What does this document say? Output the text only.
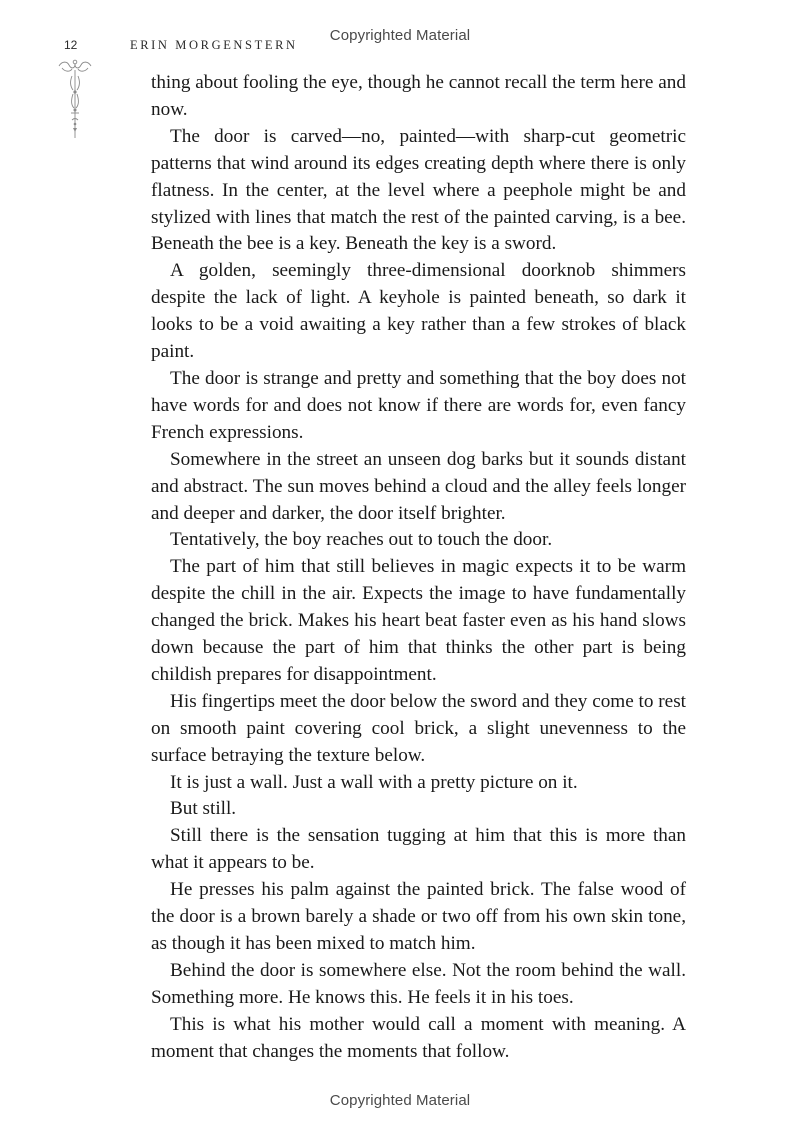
Copyrighted Material
12	ERIN MORGENSTERN

thing about fooling the eye, though he cannot recall the term here and now.

The door is carved—no, painted—with sharp-cut geometric patterns that wind around its edges creating depth where there is only flatness. In the center, at the level where a peephole might be and stylized with lines that match the rest of the painted carving, is a bee. Beneath the bee is a key. Beneath the key is a sword.

A golden, seemingly three-dimensional doorknob shimmers despite the lack of light. A keyhole is painted beneath, so dark it looks to be a void awaiting a key rather than a few strokes of black paint.

The door is strange and pretty and something that the boy does not have words for and does not know if there are words for, even fancy French expressions.

Somewhere in the street an unseen dog barks but it sounds distant and abstract. The sun moves behind a cloud and the alley feels longer and deeper and darker, the door itself brighter.

Tentatively, the boy reaches out to touch the door.

The part of him that still believes in magic expects it to be warm despite the chill in the air. Expects the image to have fundamentally changed the brick. Makes his heart beat faster even as his hand slows down because the part of him that thinks the other part is being childish prepares for disappointment.

His fingertips meet the door below the sword and they come to rest on smooth paint covering cool brick, a slight unevenness to the surface betraying the texture below.

It is just a wall. Just a wall with a pretty picture on it.

But still.

Still there is the sensation tugging at him that this is more than what it appears to be.

He presses his palm against the painted brick. The false wood of the door is a brown barely a shade or two off from his own skin tone, as though it has been mixed to match him.

Behind the door is somewhere else. Not the room behind the wall. Something more. He knows this. He feels it in his toes.

This is what his mother would call a moment with meaning. A moment that changes the moments that follow.

Copyrighted Material
